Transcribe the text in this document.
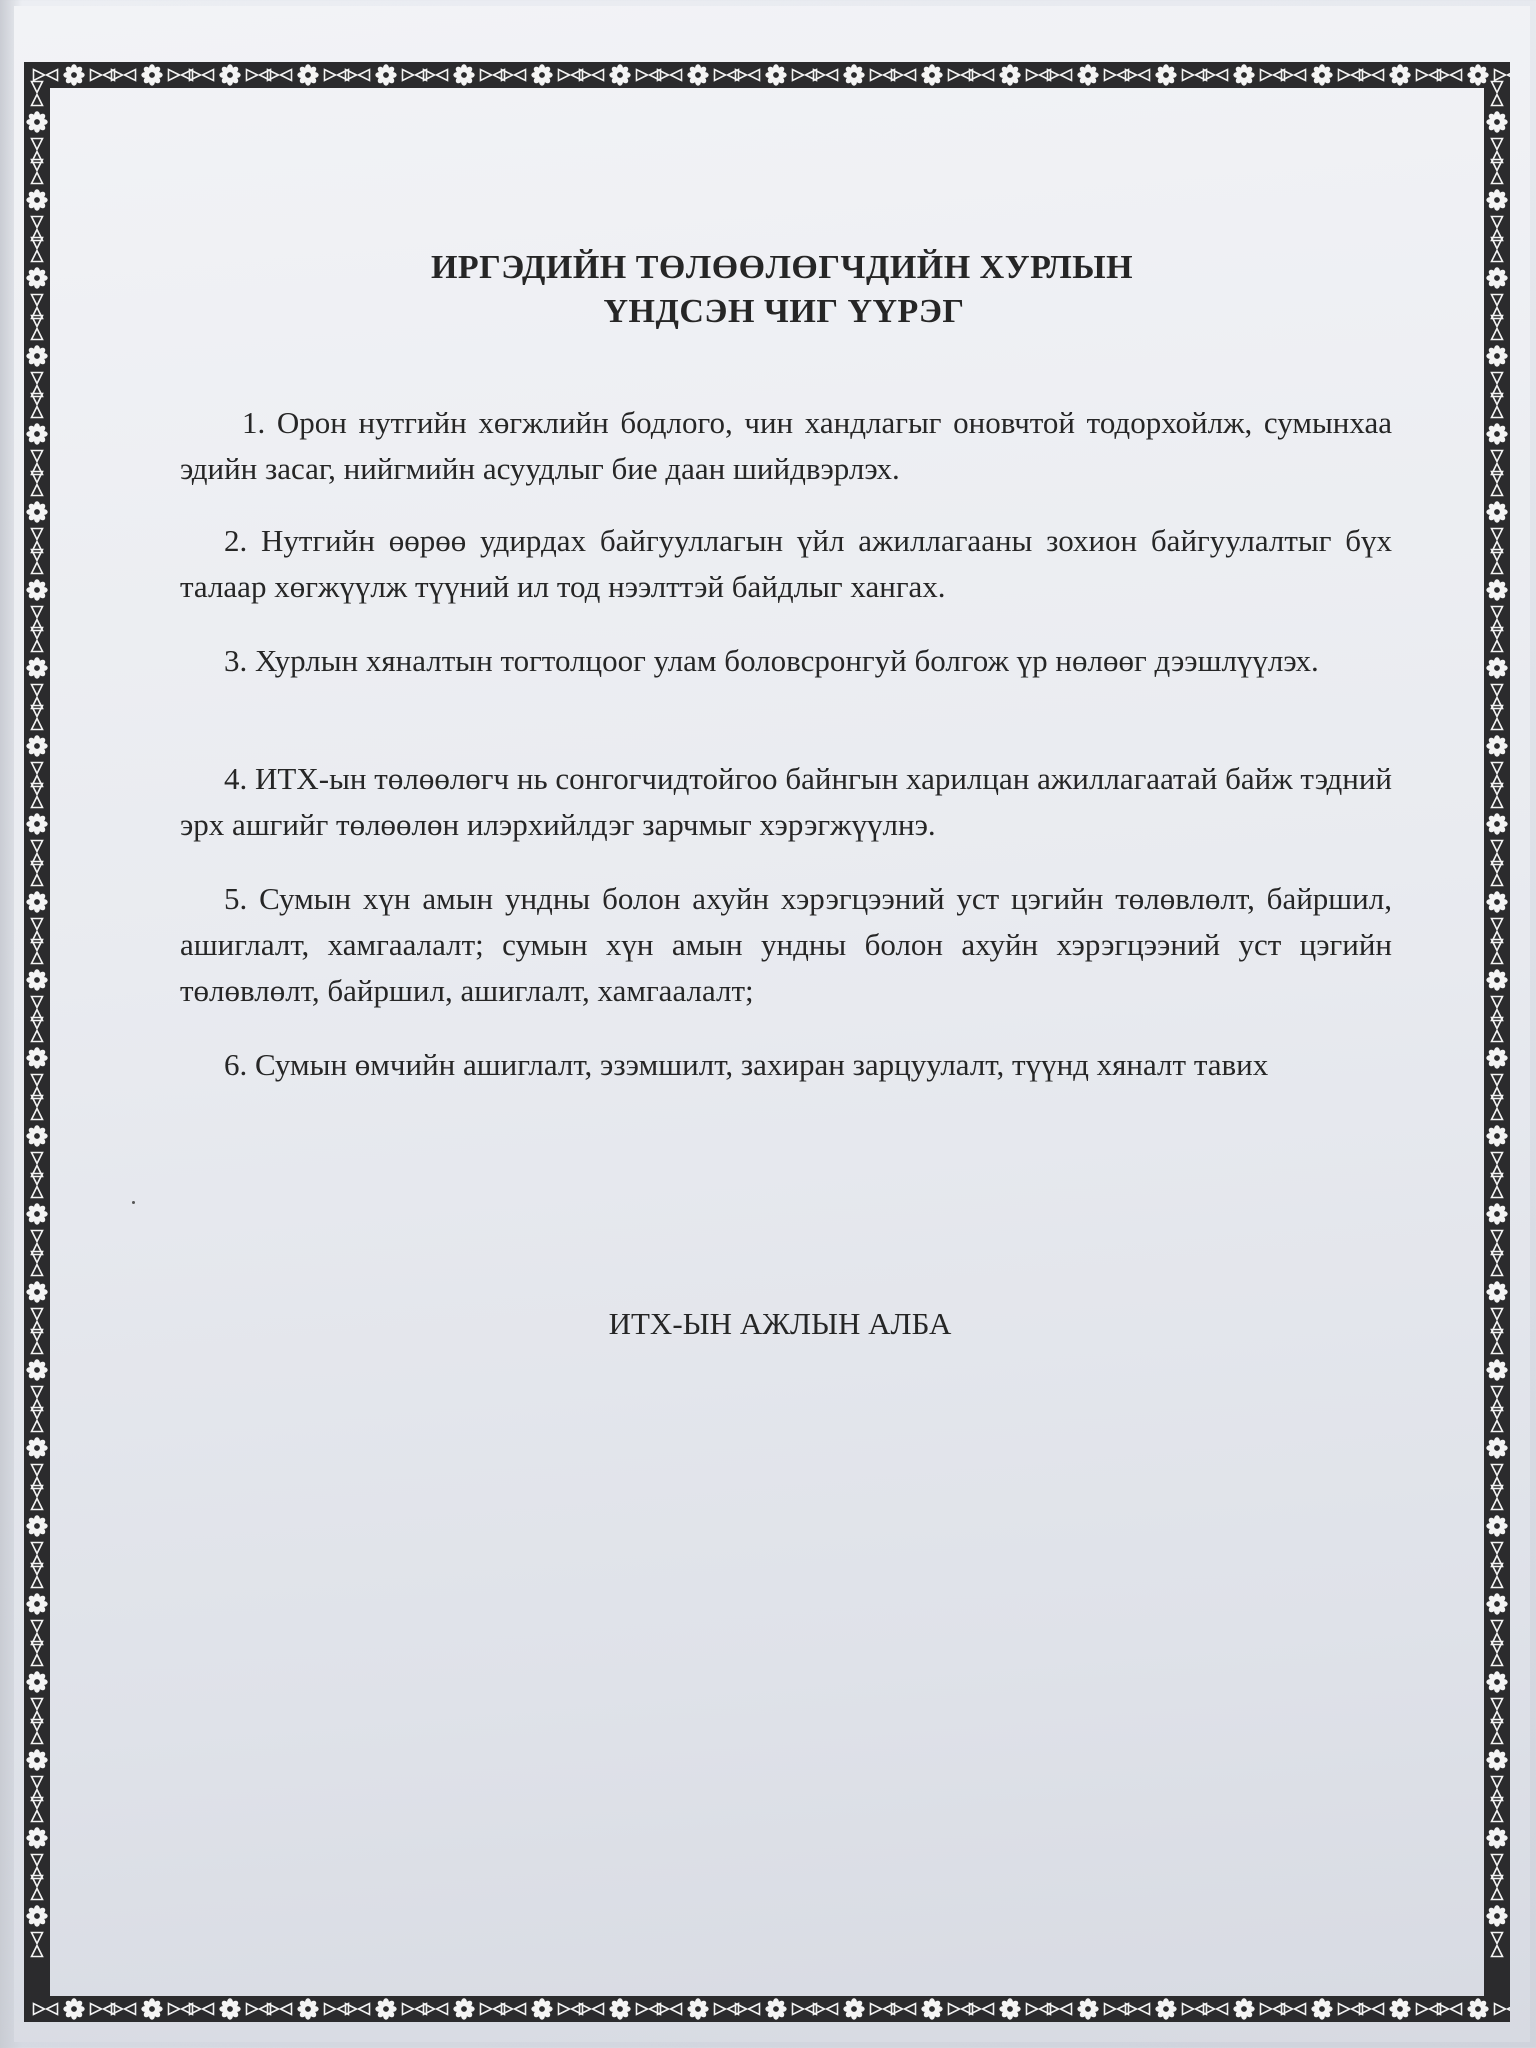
ИРГЭДИЙН ТӨЛӨӨЛӨГЧДИЙН ХУРЛЫН
ҮНДСЭН ЧИГ ҮҮРЭГ

1. Орон нутгийн хөгжлийн бодлого, чин хандлагыг оновчтой тодорхойлж, сумынхаа эдийн засаг, нийгмийн асуудлыг бие даан шийдвэрлэх.

2. Нутгийн өөрөө удирдах байгууллагын үйл ажиллагааны зохион байгуулалтыг бүх талаар хөгжүүлж түүний ил тод нээлттэй байдлыг хангах.

3. Хурлын хяналтын тогтолцоог улам боловсронгуй болгож үр нөлөөг дээшлүүлэх.

4. ИТХ-ын төлөөлөгч нь сонгогчидтойгоо байнгын харилцан ажиллагаатай байж тэдний эрх ашгийг төлөөлөн илэрхийлдэг зарчмыг хэрэгжүүлнэ.

5. Сумын хүн амын ундны болон ахуйн хэрэгцээний уст цэгийн төлөвлөлт, байршил, ашиглалт, хамгаалалт; сумын хүн амын ундны болон ахуйн хэрэгцээний уст цэгийн төлөвлөлт, байршил, ашиглалт, хамгаалалт;

6. Сумын өмчийн ашиглалт, эзэмшилт, захиран зарцуулалт, түүнд хяналт тавих

ИТХ-ЫН АЖЛЫН АЛБА
